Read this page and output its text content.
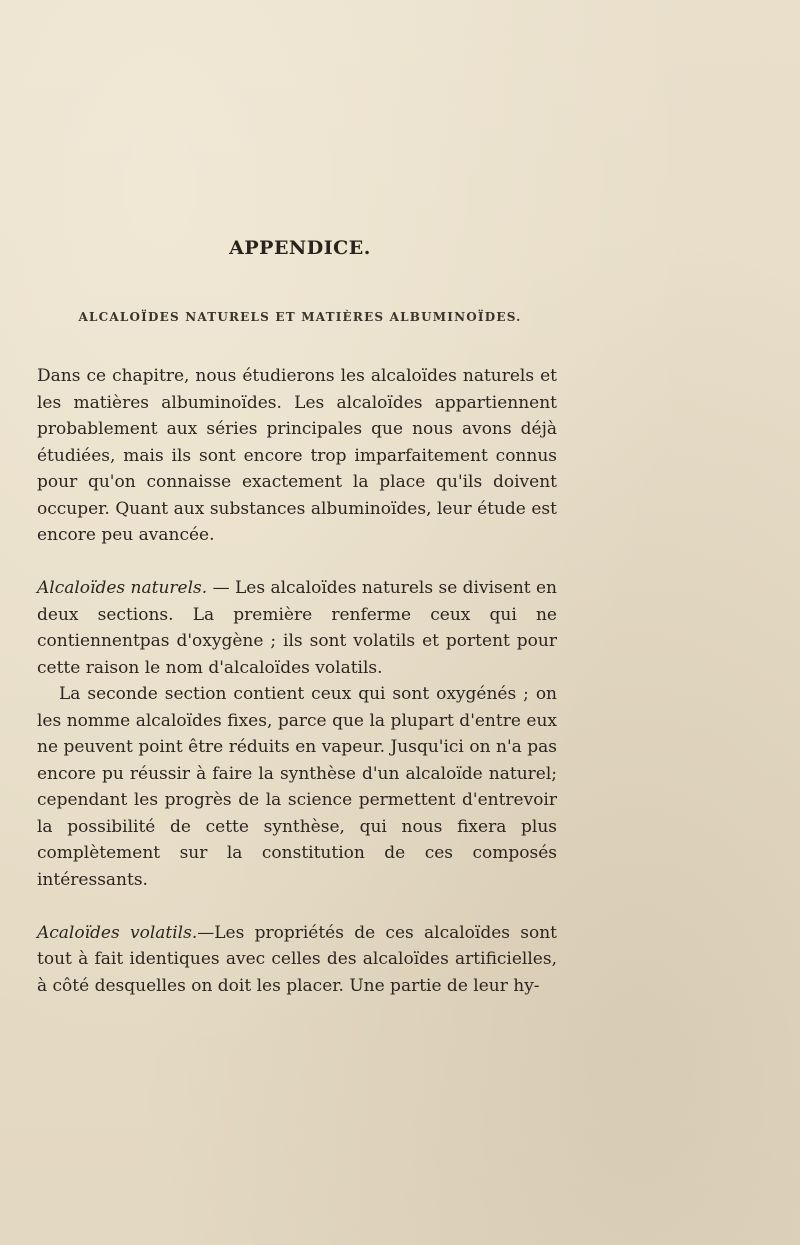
APPENDICE.
ALCALOÏDES NATURELS ET MATIÈRES ALBUMINOÏDES.

Dans ce chapitre, nous étudierons les alcaloïdes naturels et les matières albuminoïdes. Les alcaloïdes appartiennent probablement aux séries principales que nous avons déjà étudiées, mais ils sont encore trop imparfaitement connus pour qu'on connaisse exactement la place qu'ils doivent occuper. Quant aux substances albuminoïdes, leur étude est encore peu avancée.

Alcaloïdes naturels. — Les alcaloïdes naturels se divisent en deux sections. La première renferme ceux qui ne contiennentpas d'oxygène ; ils sont volatils et portent pour cette raison le nom d'alcaloïdes volatils.

La seconde section contient ceux qui sont oxygénés ; on les nomme alcaloïdes fixes, parce que la plupart d'entre eux ne peuvent point être réduits en vapeur. Jusqu'ici on n'a pas encore pu réussir à faire la synthèse d'un alcaloïde naturel; cependant les progrès de la science permettent d'entrevoir la possibilité de cette synthèse, qui nous fixera plus complètement sur la constitution de ces composés intéressants.

Acaloïdes volatils.—Les propriétés de ces alcaloïdes sont tout à fait identiques avec celles des alcaloïdes artificielles, à côté desquelles on doit les placer. Une partie de leur hy-
